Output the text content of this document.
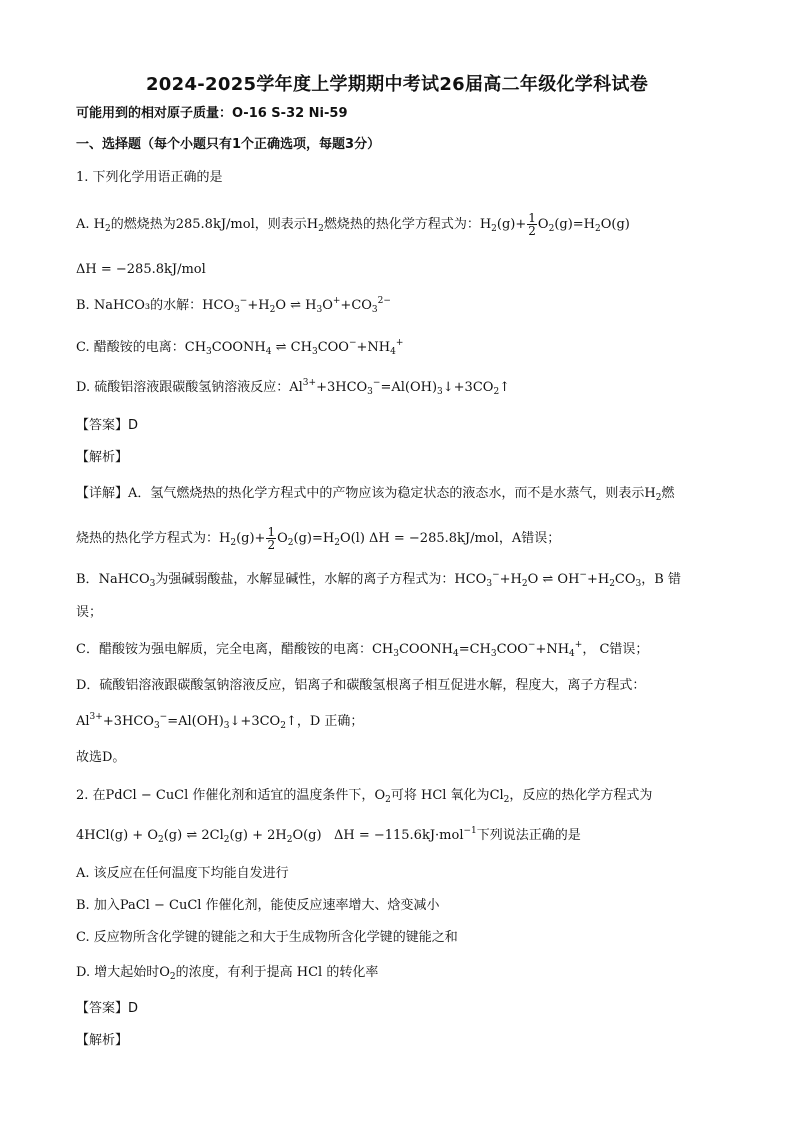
2024-2025学年度上学期期中考试26届高二年级化学科试卷
可能用到的相对原子质量：O-16 S-32 Ni-59
一、选择题（每个小题只有1个正确选项，每题3分）
1. 下列化学用语正确的是
A. $H_2$的燃烧热为285.8kJ/mol，则表示$H_2$燃烧热的热化学方程式为：$H_2(g)+ \frac{1}{2} O_2(g)=H_2O(g)$
ΔH = −285.8kJ/mol
B. NaHCO₃的水解：$HCO_3^-+H_2O$ ⇌ $H_3O^++CO_3^{2-}$
C. 醋酸铵的电离：$CH_3COONH_4$ ⇌ $CH_3COO^-+NH_4^+$
D. 硫酸铝溶液跟碳酸氢钠溶液反应：$Al^{3+}+3HCO_3^-=Al(OH)_3↓+3CO_2↑$
【答案】D
【解析】
【详解】A．氢气燃烧热的热化学方程式中的产物应该为稳定状态的液态水，而不是水蒸气，则表示$H_2$燃
烧热的热化学方程式为：$H_2(g)+ \frac{1}{2} O_2(g)=H_2O(l) \Delta H = -285.8kJ/mol$，A错误；
B．NaHCO$_3$为强碱弱酸盐，水解显碱性，水解的离子方程式为：$HCO_3^-+H_2O$ ⇌ $OH^-+H_2CO_3$，B 错
误；
C．醋酸铵为强电解质，完全电离，醋酸铵的电离：$CH_3COONH_4=CH_3COO^-+NH_4^+$， C错误；
D．硫酸铝溶液跟碳酸氢钠溶液反应，铝离子和碳酸氢根离子相互促进水解，程度大，离子方程式：
$Al^{3+}+3HCO_3^-=Al(OH)_3↓+3CO_2↑$，D 正确；
故选D。
2. 在PdCl − CuCl 作催化剂和适宜的温度条件下，$O_2$可将 HCl 氧化为$Cl_2$，反应的热化学方程式为
$4HCl(g) + O_2(g)$ ⇌ $2Cl_2(g) + 2H_2O(g) \Delta H = -115.6kJ\cdot mol^{-1}$下列说法正确的是
A. 该反应在任何温度下均能自发进行
B. 加入PaCl − CuCl 作催化剂，能使反应速率增大、焓变减小
C. 反应物所含化学键的键能之和大于生成物所含化学键的键能之和
D. 增大起始时$O_2$的浓度，有利于提高 HCl 的转化率
【答案】D
【解析】
